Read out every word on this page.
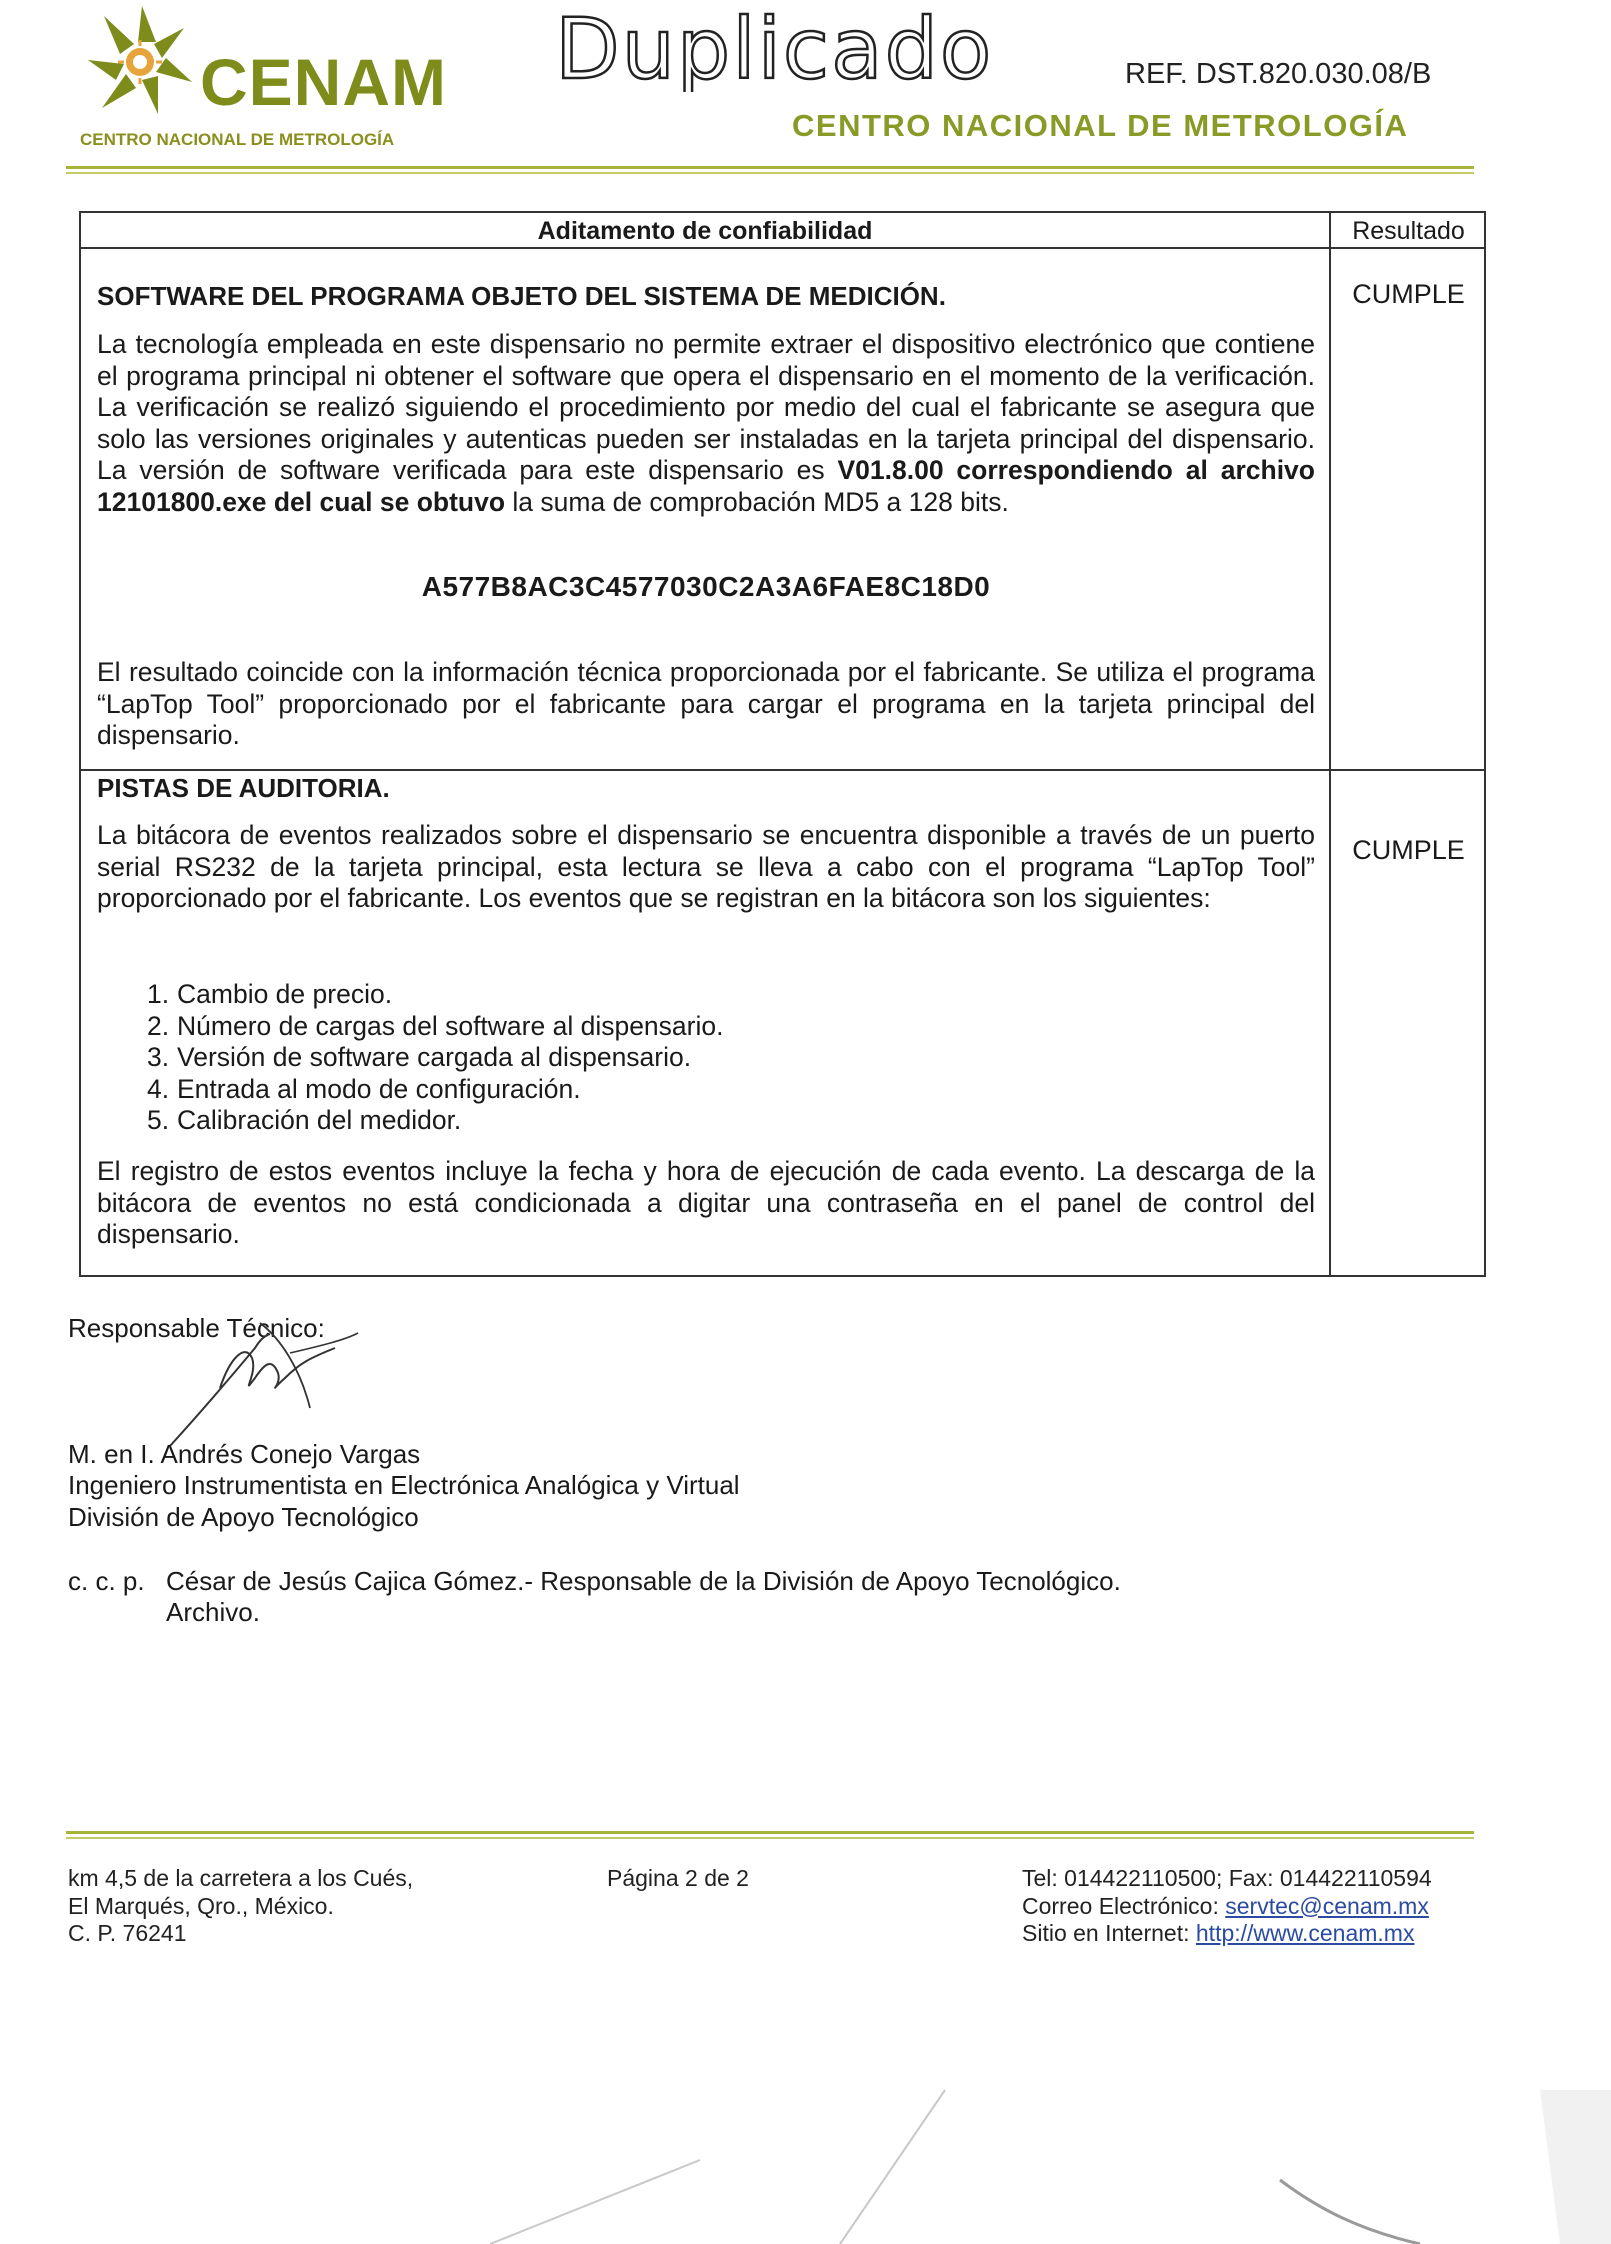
CENAM
CENTRO NACIONAL DE METROLOGÍA
Duplicado	REF. DST.820.030.08/B
CENTRO NACIONAL DE METROLOGÍA
Aditamento de confiabilidad	Resultado
SOFTWARE DEL PROGRAMA OBJETO DEL SISTEMA DE MEDICIÓN.	CUMPLE
La tecnología empleada en este dispensario no permite extraer el dispositivo electrónico que contiene el programa principal ni obtener el software que opera el dispensario en el momento de la verificación. La verificación se realizó siguiendo el procedimiento por medio del cual el fabricante se asegura que solo las versiones originales y autenticas pueden ser instaladas en la tarjeta principal del dispensario. La versión de software verificada para este dispensario es V01.8.00 correspondiendo al archivo 12101800.exe del cual se obtuvo la suma de comprobación MD5 a 128 bits.
A577B8AC3C4577030C2A3A6FAE8C18D0
El resultado coincide con la información técnica proporcionada por el fabricante. Se utiliza el programa “LapTop Tool” proporcionado por el fabricante para cargar el programa en la tarjeta principal del dispensario.
PISTAS DE AUDITORIA.
CUMPLE
La bitácora de eventos realizados sobre el dispensario se encuentra disponible a través de un puerto serial RS232 de la tarjeta principal, esta lectura se lleva a cabo con el programa “LapTop Tool” proporcionado por el fabricante. Los eventos que se registran en la bitácora son los siguientes:
1. Cambio de precio.
2. Número de cargas del software al dispensario.
3. Versión de software cargada al dispensario.
4. Entrada al modo de configuración.
5. Calibración del medidor.
El registro de estos eventos incluye la fecha y hora de ejecución de cada evento. La descarga de la bitácora de eventos no está condicionada a digitar una contraseña en el panel de control del dispensario.
Responsable Técnico:
M. en I. Andrés Conejo Vargas
Ingeniero Instrumentista en Electrónica Analógica y Virtual
División de Apoyo Tecnológico
c. c. p. César de Jesús Cajica Gómez.- Responsable de la División de Apoyo Tecnológico.
Archivo.
km 4,5 de la carretera a los Cués,
El Marqués, Qro., México.
C. P. 76241
Página 2 de 2	Tel: 014422110500; Fax: 014422110594
Correo Electrónico: servtec@cenam.mx
Sitio en Internet: http://www.cenam.mx
